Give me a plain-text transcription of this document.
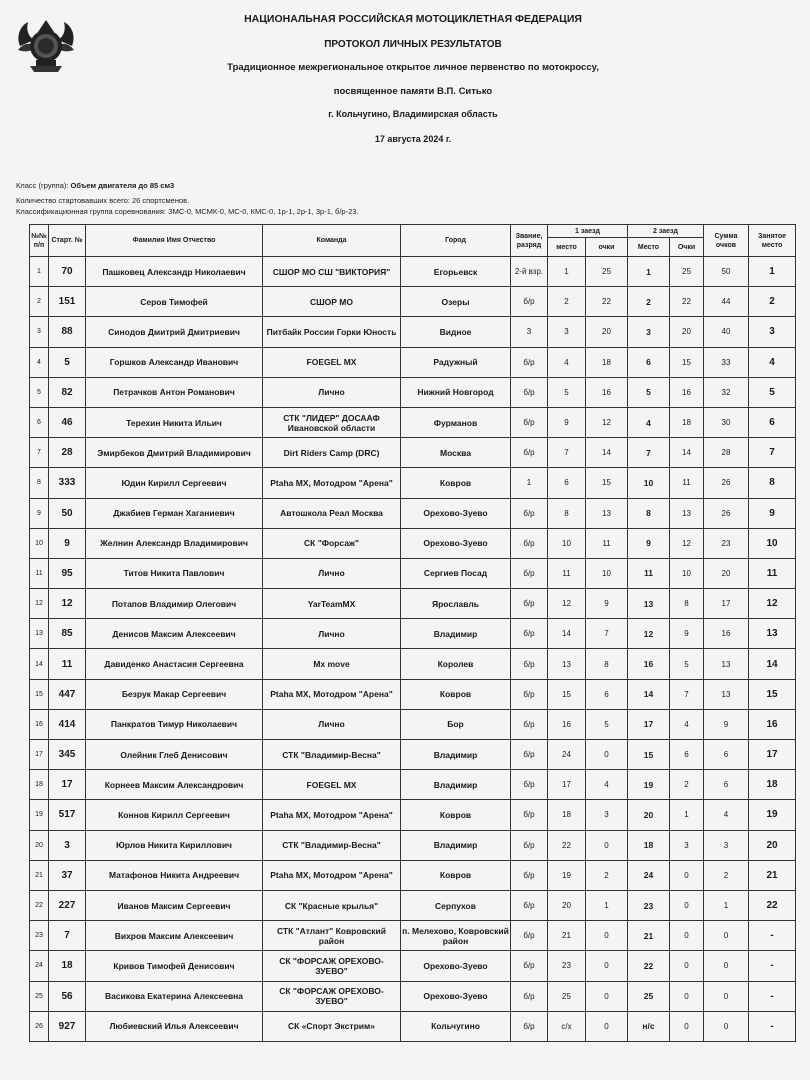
НАЦИОНАЛЬНАЯ РОССИЙСКАЯ МОТОЦИКЛЕТНАЯ ФЕДЕРАЦИЯ
ПРОТОКОЛ ЛИЧНЫХ РЕЗУЛЬТАТОВ
Традиционное межрегиональное открытое личное первенство по мотокроссу,
посвященное памяти В.П. Ситько
г. Кольчугино, Владимирская область
17 августа 2024 г.
Класс (группа): Объем двигателя до 85 см3
Количество стартовавших всего: 26 спортсменов.
Классификационная группа соревнования: ЗМС-0, МСМК-0, МС-0, КМС-0, 1р-1, 2р-1, 3р-1, б/р-23.
№№ п/п	Старт. №	Фамилия Имя Отчество	Команда	Город	Звание, разряд	1 заезд		2 заезд		Сумма очков	Занятое место
						место	очки	Место	Очки		
1	70	Пашковец Александр Николаевич	СШОР МО СШ "ВИКТОРИЯ"	Егорьевск	2-й взр.	1	25	1	25	50	1
2	151	Серов Тимофей	СШОР МО	Озеры	б/р	2	22	2	22	44	2
3	88	Синодов Дмитрий Дмитриевич	Питбайк России Горки Юность	Видное	3	3	20	3	20	40	3
4	5	Горшков Александр Иванович	FOEGEL MX	Радужный	б/р	4	18	6	15	33	4
5	82	Петрачков Антон Романович	Лично	Нижний Новгород	б/р	5	16	5	16	32	5
6	46	Терехин Никита Ильич	СТК "ЛИДЕР" ДОСААФ Ивановской области	Фурманов	б/р	9	12	4	18	30	6
7	28	Эмирбеков Дмитрий Владимирович	Dirt Riders Camp (DRC)	Москва	б/р	7	14	7	14	28	7
8	333	Юдин Кирилл Сергеевич	Ptaha MX, Мотодром "Арена"	Ковров	1	6	15	10	11	26	8
9	50	Джабиев Герман Хаганиевич	Автошкола Реал Москва	Орехово-Зуево	б/р	8	13	8	13	26	9
10	9	Желнин Александр Владимирович	СК "Форсаж"	Орехово-Зуево	б/р	10	11	9	12	23	10
11	95	Титов Никита Павлович	Лично	Сергиев Посад	б/р	11	10	11	10	20	11
12	12	Потапов Владимир Олегович	YarTeamMX	Ярославль	б/р	12	9	13	8	17	12
13	85	Денисов Максим Алексеевич	Лично	Владимир	б/р	14	7	12	9	16	13
14	11	Давиденко Анастасия Сергеевна	Mx move	Королев	б/р	13	8	16	5	13	14
15	447	Безрук Макар Сергеевич	Ptaha MX, Мотодром "Арена"	Ковров	б/р	15	6	14	7	13	15
16	414	Панкратов Тимур Николаевич	Лично	Бор	б/р	16	5	17	4	9	16
17	345	Олейник Глеб Денисович	СТК "Владимир-Весна"	Владимир	б/р	24	0	15	6	6	17
18	17	Корнеев Максим Александрович	FOEGEL MX	Владимир	б/р	17	4	19	2	6	18
19	517	Коннов Кирилл Сергеевич	Ptaha MX, Мотодром "Арена"	Ковров	б/р	18	3	20	1	4	19
20	3	Юрлов Никита Кириллович	СТК "Владимир-Весна"	Владимир	б/р	22	0	18	3	3	20
21	37	Матафонов Никита Андреевич	Ptaha MX, Мотодром "Арена"	Ковров	б/р	19	2	24	0	2	21
22	227	Иванов Максим Сергеевич	СК "Красные крылья"	Серпухов	б/р	20	1	23	0	1	22
23	7	Вихров Максим Алексеевич	СТК "Атлант" Ковровский район	п. Мелехово, Ковровский район	б/р	21	0	21	0	0	-
24	18	Кривов Тимофей Денисович	СК "ФОРСАЖ ОРЕХОВО-ЗУЕВО"	Орехово-Зуево	б/р	23	0	22	0	0	-
25	56	Васикова Екатерина Алексеевна	СК "ФОРСАЖ ОРЕХОВО-ЗУЕВО"	Орехово-Зуево	б/р	25	0	25	0	0	-
26	927	Любиевский Илья Алексеевич	СК «Спорт Экстрим»	Кольчугино	б/р	с/х	0	н/с	0	0	-
